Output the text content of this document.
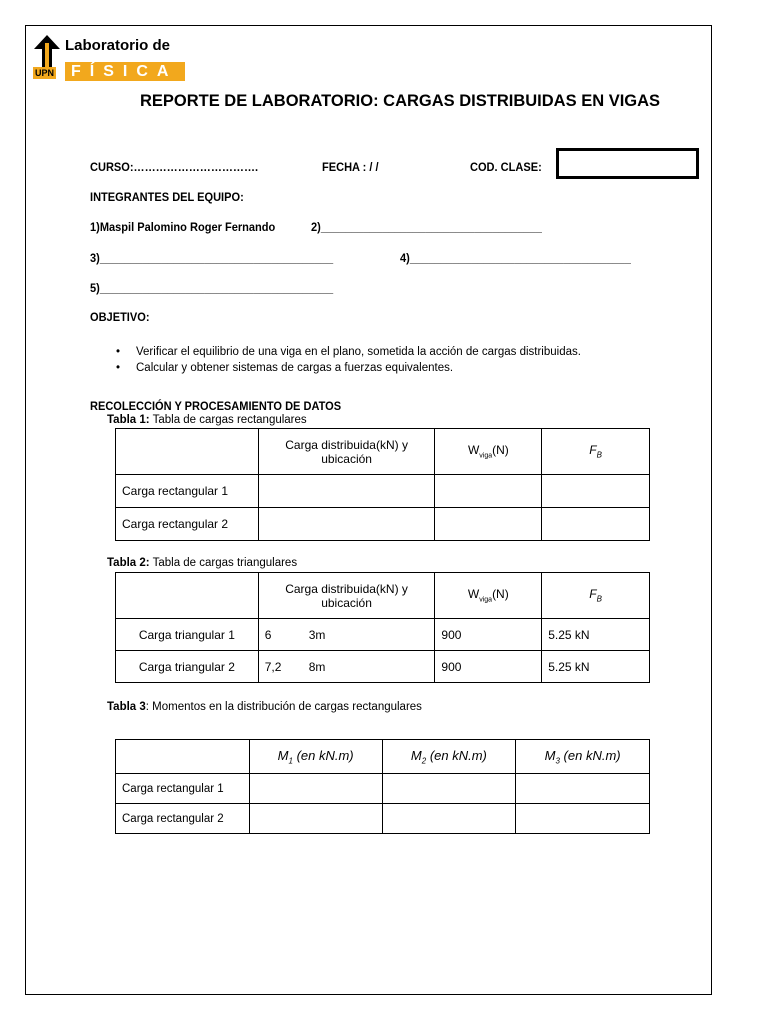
UPN
Laboratorio de
FÍSICA
REPORTE DE LABORATORIO: CARGAS DISTRIBUIDAS EN VIGAS
CURSO:…………………………….	FECHA : / /	COD. CLASE:
INTEGRANTES DEL EQUIPO:
1)Maspil Palomino Roger Fernando	2)____________________________________
3)______________________________________	4)____________________________________
5)______________________________________
OBJETIVO:
• Verificar el equilibrio de una viga en el plano, sometida la acción de cargas distribuidas.
• Calcular y obtener sistemas de cargas a fuerzas equivalentes.
RECOLECCIÓN Y PROCESAMIENTO DE DATOS
Tabla 1: Tabla de cargas rectangulares
	Carga distribuida(kN) y ubicación	$W_{viga}(N)$	$F_B$
Carga rectangular 1			
Carga rectangular 2			
Tabla 2: Tabla de cargas triangulares
	Carga distribuida(kN) y ubicación	$W_{viga}(N)$	$F_B$
Carga triangular 1	6 3m	900	5.25 kN
Carga triangular 2	7,2 8m	900	5.25 kN
Tabla 3: Momentos en la distribución de cargas rectangulares
	$M_1$ (en kN.m)	$M_2$ (en kN.m)	$M_3$ (en kN.m)
Carga rectangular 1			
Carga rectangular 2			
